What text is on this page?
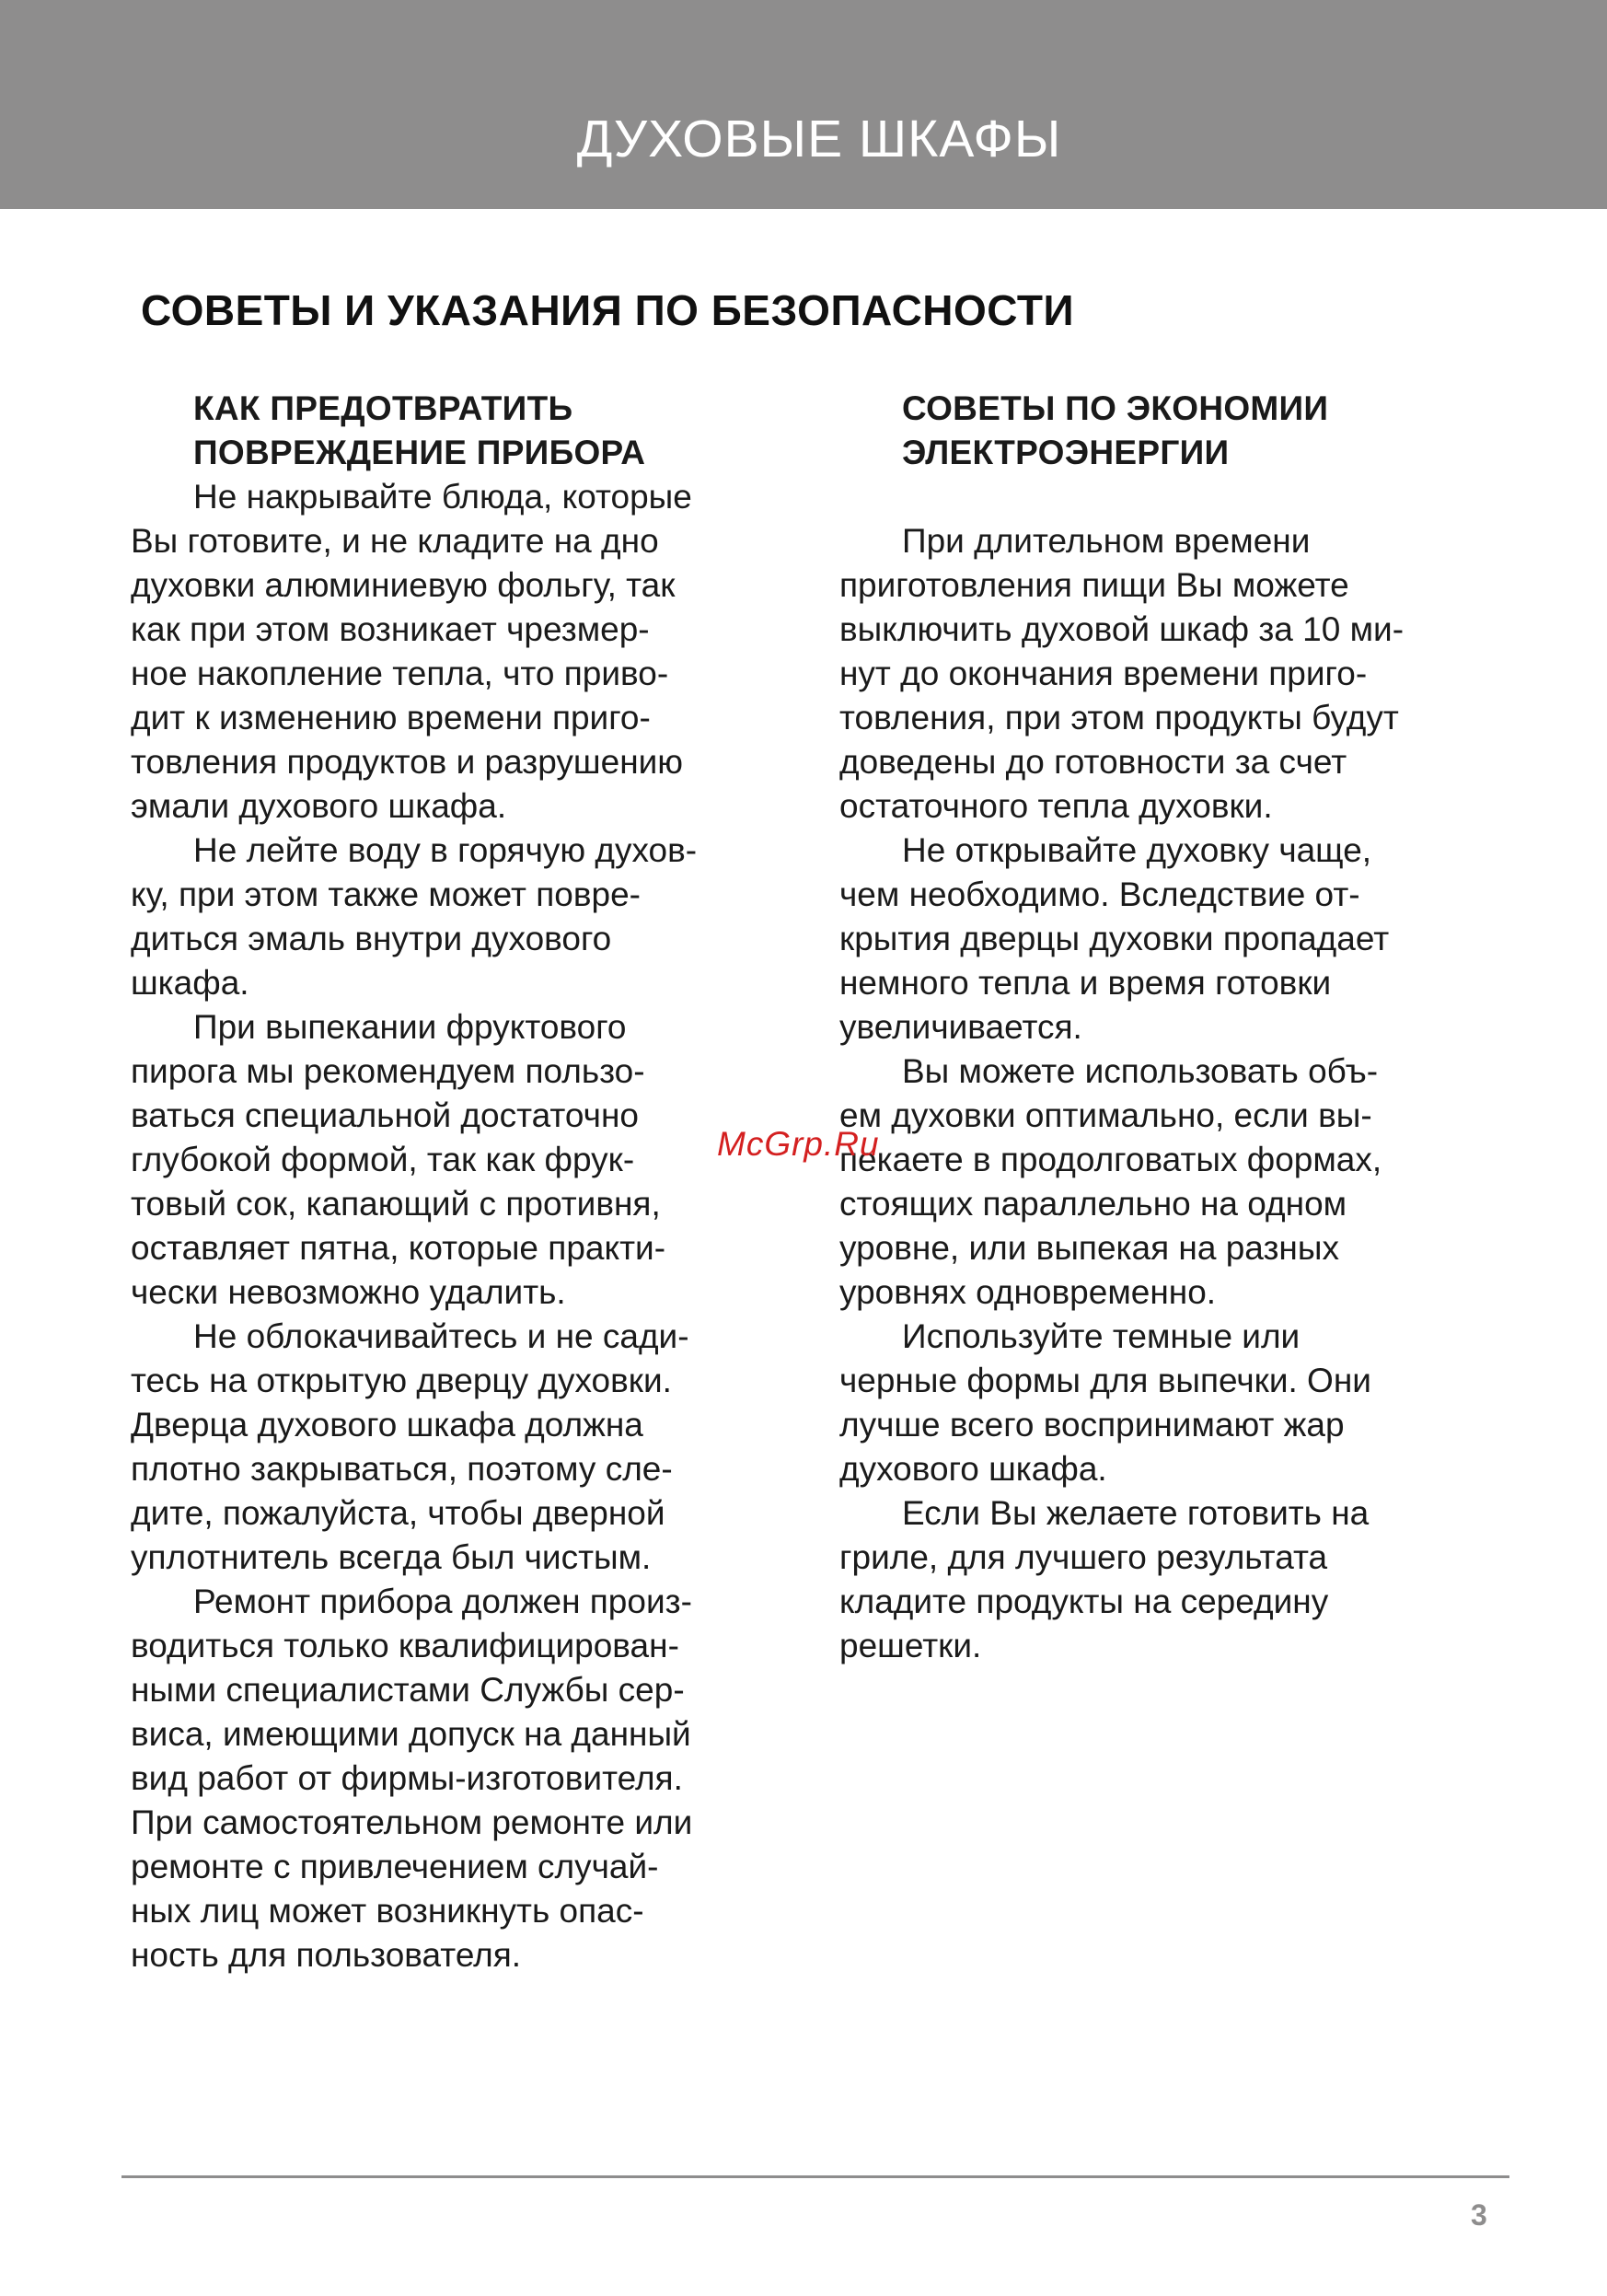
ДУХОВЫЕ ШКАФЫ
СОВЕТЫ И УКАЗАНИЯ ПО БЕЗОПАСНОСТИ
КАК ПРЕДОТВРАТИТЬ
ПОВРЕЖДЕНИЕ ПРИБОРА
Не накрывайте блюда, которые
Вы готовите, и не кладите на дно
духовки алюминиевую фольгу, так
как при этом возникает чрезмер-
ное накопление тепла, что приво-
дит к изменению времени приго-
товления продуктов и разрушению
эмали духового шкафа.
Не лейте воду в горячую духов-
ку, при этом также может повре-
диться эмаль внутри духового
шкафа.
При выпекании фруктового
пирога мы рекомендуем пользо-
ваться специальной достаточно
глубокой формой, так как фрук-
товый сок, капающий с противня,
оставляет пятна, которые практи-
чески невозможно удалить.
Не облокачивайтесь и не сади-
тесь на открытую дверцу духовки.
Дверца духового шкафа должна
плотно закрываться, поэтому сле-
дите, пожалуйста, чтобы дверной
уплотнитель всегда был чистым.
Ремонт прибора должен произ-
водиться только квалифицирован-
ными специалистами Службы сер-
виса, имеющими допуск на данный
вид работ от фирмы-изготовителя.
При самостоятельном ремонте или
ремонте с привлечением случай-
ных лиц может возникнуть опас-
ность для пользователя.
СОВЕТЫ ПО ЭКОНОМИИ
ЭЛЕКТРОЭНЕРГИИ
При длительном времени
приготовления пищи Вы можете
выключить духовой шкаф за 10 ми-
нут до окончания времени приго-
товления, при этом продукты будут
доведены до готовности за счет
остаточного тепла духовки.
Не открывайте духовку чаще,
чем необходимо. Вследствие от-
крытия дверцы духовки пропадает
немного тепла и время готовки
увеличивается.
Вы можете использовать объ-
ем духовки оптимально, если вы-
пекаете в продолговатых формах,
стоящих параллельно на одном
уровне, или выпекая на разных
уровнях одновременно.
Используйте темные или
черные формы для выпечки. Они
лучше всего воспринимают жар
духового шкафа.
Если Вы желаете готовить на
гриле, для лучшего результата
кладите продукты на середину
решетки.
McGrp.Ru
3
